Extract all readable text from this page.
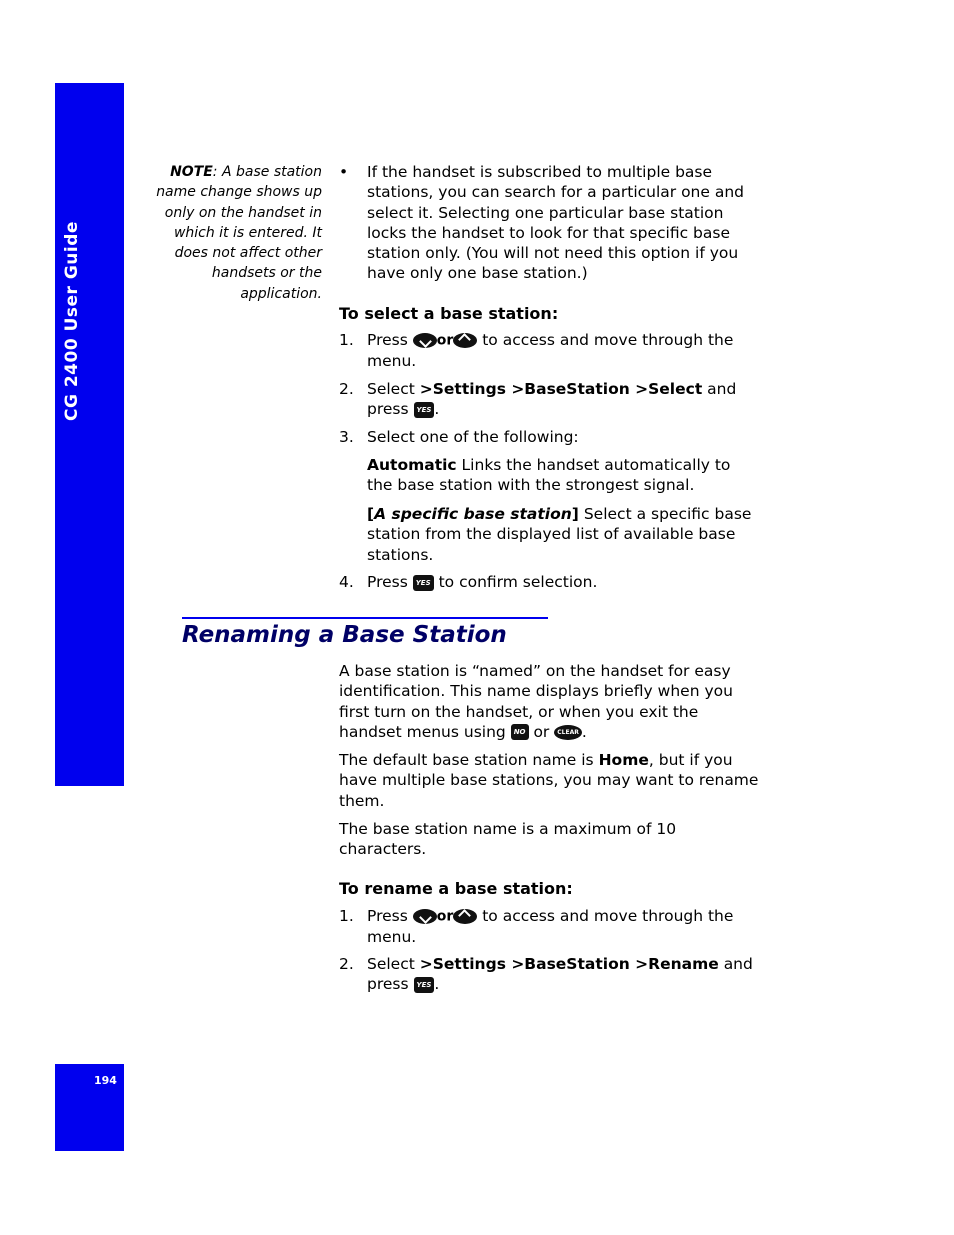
CG 2400 User Guide
194
NOTE: A base station name change shows up only on the handset in which it is entered. It does not affect other handsets or the application.
• If the handset is subscribed to multiple base stations, you can search for a particular one and select it. Selecting one particular base station locks the handset to look for that specific base station only. (You will not need this option if you have only one base station.)
To select a base station:
1. Press or to access and move through the menu.
2. Select >Settings >BaseStation >Select and press YES .
3. Select one of the following:
Automatic Links the handset automatically to the base station with the strongest signal.
[A specific base station] Select a specific base station from the displayed list of available base stations.
4. Press YES to confirm selection.
Renaming a Base Station
A base station is “named” on the handset for easy identification. This name displays briefly when you first turn on the handset, or when you exit the handset menus using NO or CLEAR .
The default base station name is Home, but if you have multiple base stations, you may want to rename them.
The base station name is a maximum of 10 characters.
To rename a base station:
1. Press or to access and move through the menu.
2. Select >Settings >BaseStation >Rename and press YES .
